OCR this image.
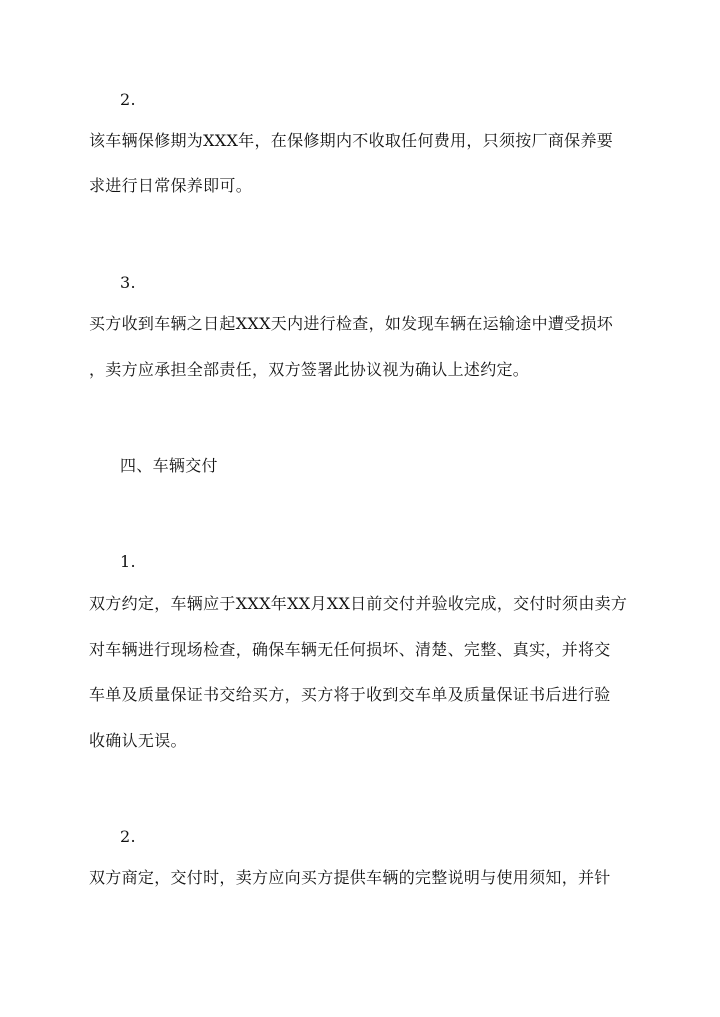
2.
该车辆保修期为XXX年，在保修期内不收取任何费用，只须按厂商保养要
求进行日常保养即可。
3.
买方收到车辆之日起XXX天内进行检查，如发现车辆在运输途中遭受损坏
，卖方应承担全部责任，双方签署此协议视为确认上述约定。
四、车辆交付
1.
双方约定，车辆应于XXX年XX月XX日前交付并验收完成，交付时须由卖方
对车辆进行现场检查，确保车辆无任何损坏、清楚、完整、真实，并将交
车单及质量保证书交给买方，买方将于收到交车单及质量保证书后进行验
收确认无误。
2.
双方商定，交付时，卖方应向买方提供车辆的完整说明与使用须知，并针
